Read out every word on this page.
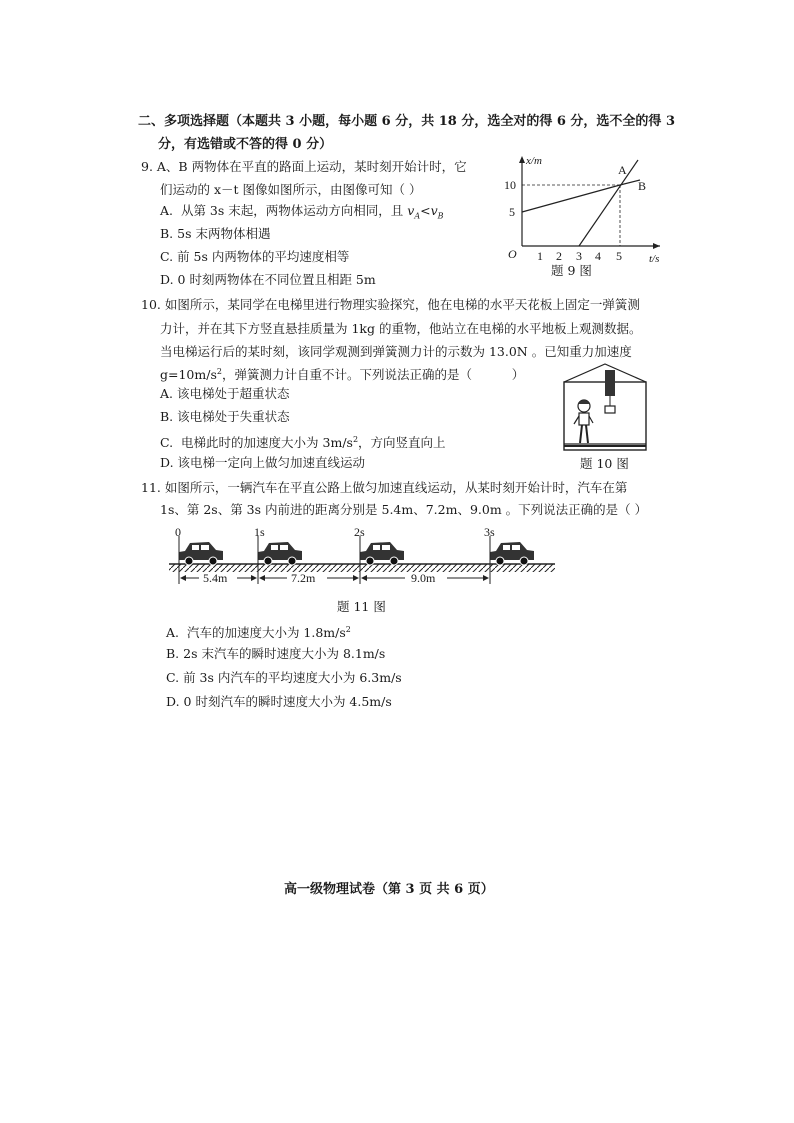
二、多项选择题（本题共 3 小题，每小题 6 分，共 18 分，选全对的得 6 分，选不全的得 3
分，有选错或不答的得 0 分）
9. A、B 两物体在平直的路面上运动，某时刻开始计时，它
们运动的 x－t 图像如图所示，由图像可知（ ）
A.  从第 3s 末起，两物体运动方向相同，且 $v_A<v_B$
B. 5s 末两物体相遇
C. 前 5s 内两物体的平均速度相等
D. 0 时刻两物体在不同位置且相距 5m
x/m
t/s
O
5
10
1 2 3 4 5
A
B
题 9 图
10. 如图所示，某同学在电梯里进行物理实验探究，他在电梯的水平天花板上固定一弹簧测
力计，并在其下方竖直悬挂质量为 1kg 的重物，他站立在电梯的水平地板上观测数据。
当电梯运行后的某时刻，该同学观测到弹簧测力计的示数为 13.0N 。已知重力加速度
$g=10m/s^2$，弹簧测力计自重不计。下列说法正确的是（          ）
A. 该电梯处于超重状态
B. 该电梯处于失重状态
C.  电梯此时的加速度大小为 $3m/s^2$，方向竖直向上
D. 该电梯一定向上做匀加速直线运动	题 10 图
11. 如图所示，一辆汽车在平直公路上做匀加速直线运动，从某时刻开始计时，汽车在第
1s、第 2s、第 3s 内前进的距离分别是 5.4m、7.2m、9.0m 。下列说法正确的是（ ）
0	1s	2s	3s
5.4m	7.2m	9.0m
题 11 图
A.  汽车的加速度大小为 $1.8m/s^2$
B. 2s 末汽车的瞬时速度大小为 8.1m/s
C. 前 3s 内汽车的平均速度大小为 6.3m/s
D. 0 时刻汽车的瞬时速度大小为 4.5m/s
高一级物理试卷（第 3 页 共 6 页）
